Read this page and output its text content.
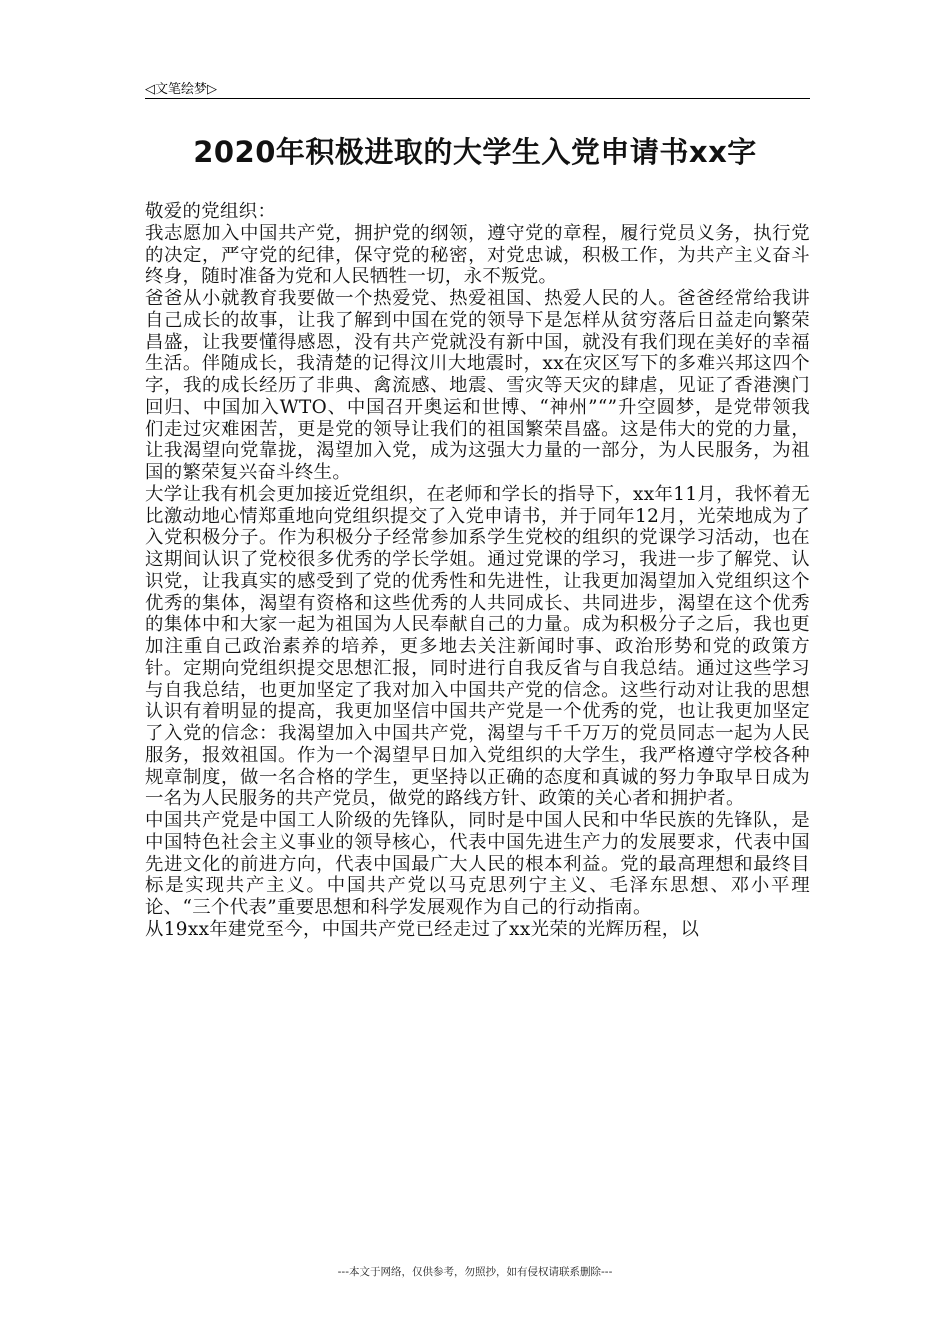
◁文笔绘梦▷
2020年积极进取的大学生入党申请书xx字

敬爱的党组织：

我志愿加入中国共产党，拥护党的纲领，遵守党的章程，履行党员义务，执行党的决定，严守党的纪律，保守党的秘密，对党忠诚，积极工作，为共产主义奋斗终身，随时准备为党和人民牺牲一切，永不叛党。

爸爸从小就教育我要做一个热爱党、热爱祖国、热爱人民的人。爸爸经常给我讲自己成长的故事，让我了解到中国在党的领导下是怎样从贫穷落后日益走向繁荣昌盛，让我要懂得感恩，没有共产党就没有新中国，就没有我们现在美好的幸福生活。伴随成长，我清楚的记得汶川大地震时，xx在灾区写下的多难兴邦这四个字，我的成长经历了非典、禽流感、地震、雪灾等天灾的肆虐，见证了香港澳门回归、中国加入WTO、中国召开奥运和世博、“神州”“”升空圆梦，是党带领我们走过灾难困苦，更是党的领导让我们的祖国繁荣昌盛。这是伟大的党的力量，让我渴望向党靠拢，渴望加入党，成为这强大力量的一部分，为人民服务，为祖国的繁荣复兴奋斗终生。

大学让我有机会更加接近党组织，在老师和学长的指导下，xx年11月，我怀着无比激动地心情郑重地向党组织提交了入党申请书，并于同年12月，光荣地成为了入党积极分子。作为积极分子经常参加系学生党校的组织的党课学习活动，也在这期间认识了党校很多优秀的学长学姐。通过党课的学习，我进一步了解党、认识党，让我真实的感受到了党的优秀性和先进性，让我更加渴望加入党组织这个优秀的集体，渴望有资格和这些优秀的人共同成长、共同进步，渴望在这个优秀的集体中和大家一起为祖国为人民奉献自己的力量。成为积极分子之后，我也更加注重自己政治素养的培养，更多地去关注新闻时事、政治形势和党的政策方针。定期向党组织提交思想汇报，同时进行自我反省与自我总结。通过这些学习与自我总结，也更加坚定了我对加入中国共产党的信念。这些行动对让我的思想认识有着明显的提高，我更加坚信中国共产党是一个优秀的党，也让我更加坚定了入党的信念：我渴望加入中国共产党，渴望与千千万万的党员同志一起为人民服务，报效祖国。作为一个渴望早日加入党组织的大学生，我严格遵守学校各种规章制度，做一名合格的学生，更坚持以正确的态度和真诚的努力争取早日成为一名为人民服务的共产党员，做党的路线方针、政策的关心者和拥护者。

中国共产党是中国工人阶级的先锋队，同时是中国人民和中华民族的先锋队，是中国特色社会主义事业的领导核心，代表中国先进生产力的发展要求，代表中国先进文化的前进方向，代表中国最广大人民的根本利益。党的最高理想和最终目标是实现共产主义。中国共产党以马克思列宁主义、毛泽东思想、邓小平理论、“三个代表”重要思想和科学发展观作为自己的行动指南。

从19xx年建党至今，中国共产党已经走过了xx光荣的光辉历程，以

---本文于网络，仅供参考，勿照抄，如有侵权请联系删除---
